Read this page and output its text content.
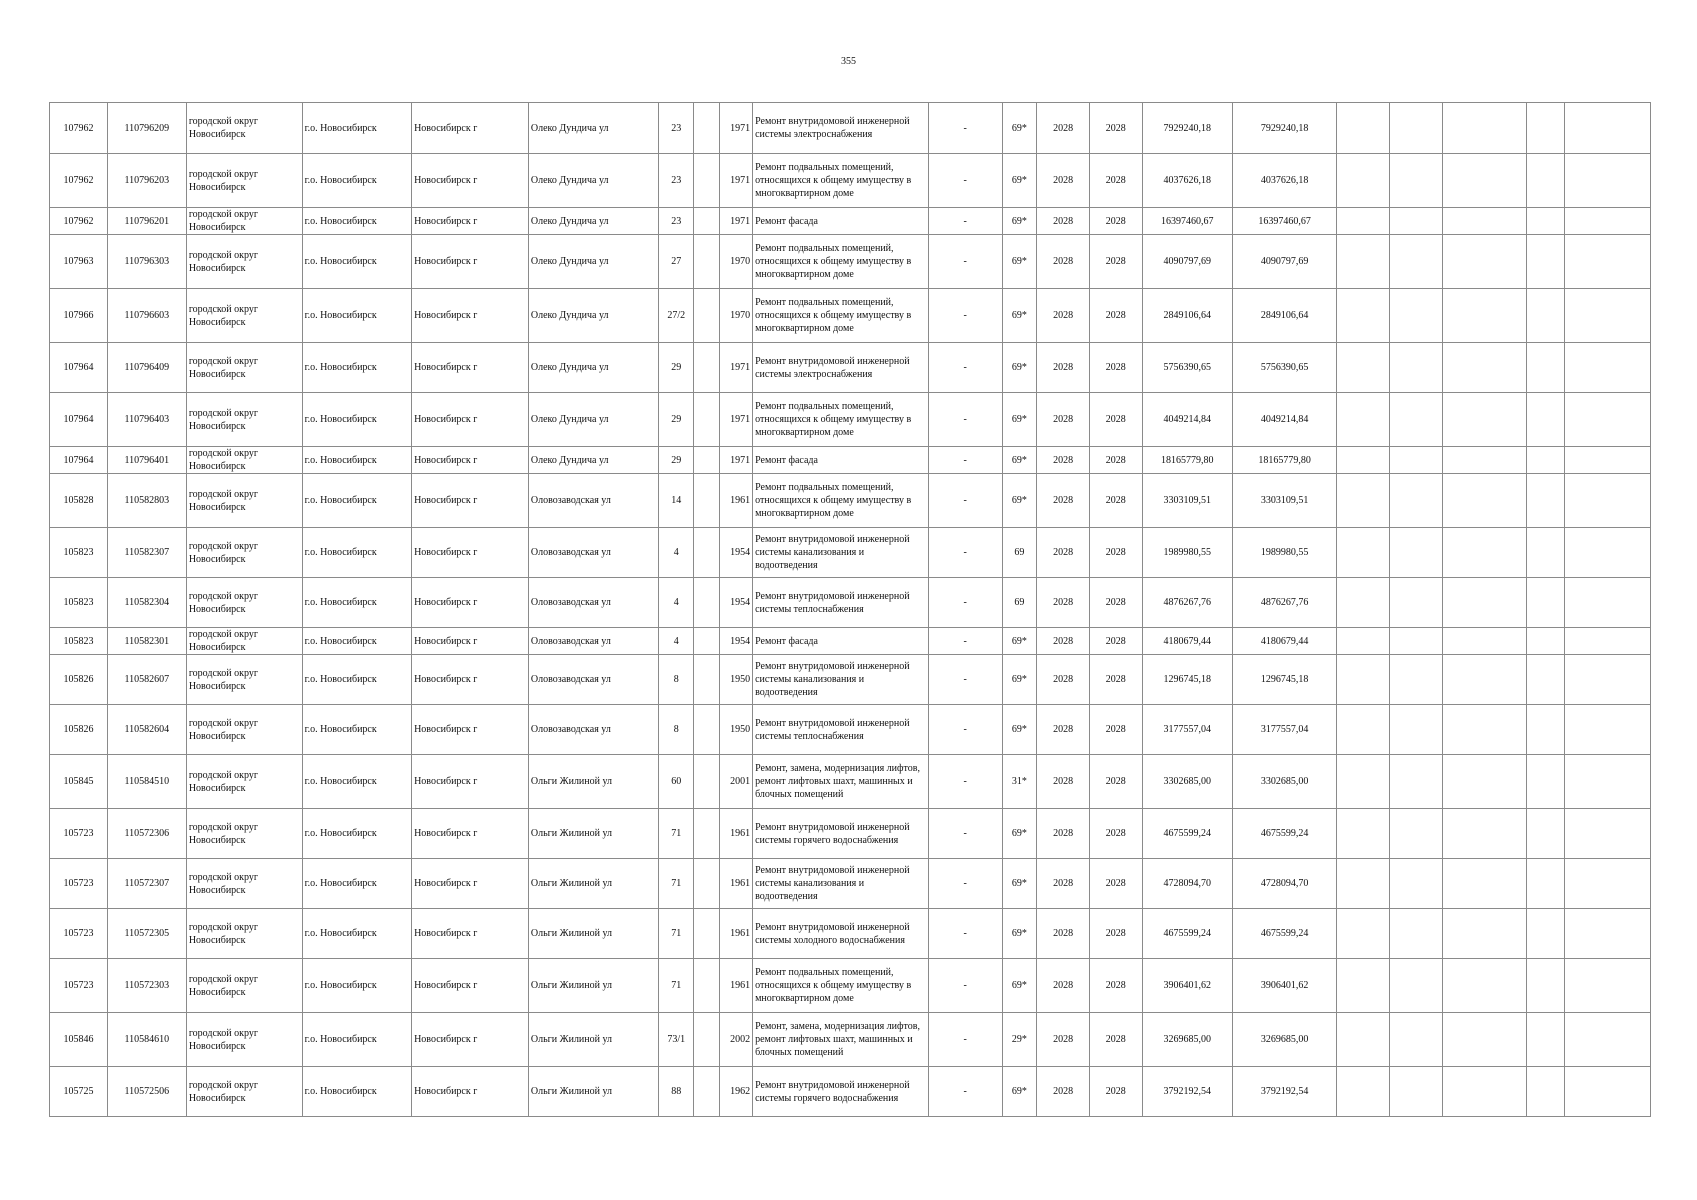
355
107962	110796209	городской округ Новосибирск	г.о. Новосибирск	Новосибирск г	Олеко Дундича ул	23		1971	Ремонт внутридомовой инженерной системы электроснабжения	-	69*	2028	2028	7929240,18	7929240,18					
107962	110796203	городской округ Новосибирск	г.о. Новосибирск	Новосибирск г	Олеко Дундича ул	23		1971	Ремонт подвальных помещений, относящихся к общему имуществу в многоквартирном доме	-	69*	2028	2028	4037626,18	4037626,18					
107962	110796201	городской округ Новосибирск	г.о. Новосибирск	Новосибирск г	Олеко Дундича ул	23		1971	Ремонт фасада	-	69*	2028	2028	16397460,67	16397460,67					
107963	110796303	городской округ Новосибирск	г.о. Новосибирск	Новосибирск г	Олеко Дундича ул	27		1970	Ремонт подвальных помещений, относящихся к общему имуществу в многоквартирном доме	-	69*	2028	2028	4090797,69	4090797,69					
107966	110796603	городской округ Новосибирск	г.о. Новосибирск	Новосибирск г	Олеко Дундича ул	27/2		1970	Ремонт подвальных помещений, относящихся к общему имуществу в многоквартирном доме	-	69*	2028	2028	2849106,64	2849106,64					
107964	110796409	городской округ Новосибирск	г.о. Новосибирск	Новосибирск г	Олеко Дундича ул	29		1971	Ремонт внутридомовой инженерной системы электроснабжения	-	69*	2028	2028	5756390,65	5756390,65					
107964	110796403	городской округ Новосибирск	г.о. Новосибирск	Новосибирск г	Олеко Дундича ул	29		1971	Ремонт подвальных помещений, относящихся к общему имуществу в многоквартирном доме	-	69*	2028	2028	4049214,84	4049214,84					
107964	110796401	городской округ Новосибирск	г.о. Новосибирск	Новосибирск г	Олеко Дундича ул	29		1971	Ремонт фасада	-	69*	2028	2028	18165779,80	18165779,80					
105828	110582803	городской округ Новосибирск	г.о. Новосибирск	Новосибирск г	Оловозаводская ул	14		1961	Ремонт подвальных помещений, относящихся к общему имуществу в многоквартирном доме	-	69*	2028	2028	3303109,51	3303109,51					
105823	110582307	городской округ Новосибирск	г.о. Новосибирск	Новосибирск г	Оловозаводская ул	4		1954	Ремонт внутридомовой инженерной системы канализования и водоотведения	-	69	2028	2028	1989980,55	1989980,55					
105823	110582304	городской округ Новосибирск	г.о. Новосибирск	Новосибирск г	Оловозаводская ул	4		1954	Ремонт внутридомовой инженерной системы теплоснабжения	-	69	2028	2028	4876267,76	4876267,76					
105823	110582301	городской округ Новосибирск	г.о. Новосибирск	Новосибирск г	Оловозаводская ул	4		1954	Ремонт фасада	-	69*	2028	2028	4180679,44	4180679,44					
105826	110582607	городской округ Новосибирск	г.о. Новосибирск	Новосибирск г	Оловозаводская ул	8		1950	Ремонт внутридомовой инженерной системы канализования и водоотведения	-	69*	2028	2028	1296745,18	1296745,18					
105826	110582604	городской округ Новосибирск	г.о. Новосибирск	Новосибирск г	Оловозаводская ул	8		1950	Ремонт внутридомовой инженерной системы теплоснабжения	-	69*	2028	2028	3177557,04	3177557,04					
105845	110584510	городской округ Новосибирск	г.о. Новосибирск	Новосибирск г	Ольги Жилиной ул	60		2001	Ремонт, замена, модернизация лифтов, ремонт лифтовых шахт, машинных и блочных помещений	-	31*	2028	2028	3302685,00	3302685,00					
105723	110572306	городской округ Новосибирск	г.о. Новосибирск	Новосибирск г	Ольги Жилиной ул	71		1961	Ремонт внутридомовой инженерной системы горячего водоснабжения	-	69*	2028	2028	4675599,24	4675599,24					
105723	110572307	городской округ Новосибирск	г.о. Новосибирск	Новосибирск г	Ольги Жилиной ул	71		1961	Ремонт внутридомовой инженерной системы канализования и водоотведения	-	69*	2028	2028	4728094,70	4728094,70					
105723	110572305	городской округ Новосибирск	г.о. Новосибирск	Новосибирск г	Ольги Жилиной ул	71		1961	Ремонт внутридомовой инженерной системы холодного водоснабжения	-	69*	2028	2028	4675599,24	4675599,24					
105723	110572303	городской округ Новосибирск	г.о. Новосибирск	Новосибирск г	Ольги Жилиной ул	71		1961	Ремонт подвальных помещений, относящихся к общему имуществу в многоквартирном доме	-	69*	2028	2028	3906401,62	3906401,62					
105846	110584610	городской округ Новосибирск	г.о. Новосибирск	Новосибирск г	Ольги Жилиной ул	73/1		2002	Ремонт, замена, модернизация лифтов, ремонт лифтовых шахт, машинных и блочных помещений	-	29*	2028	2028	3269685,00	3269685,00					
105725	110572506	городской округ Новосибирск	г.о. Новосибирск	Новосибирск г	Ольги Жилиной ул	88		1962	Ремонт внутридомовой инженерной системы горячего водоснабжения	-	69*	2028	2028	3792192,54	3792192,54					
